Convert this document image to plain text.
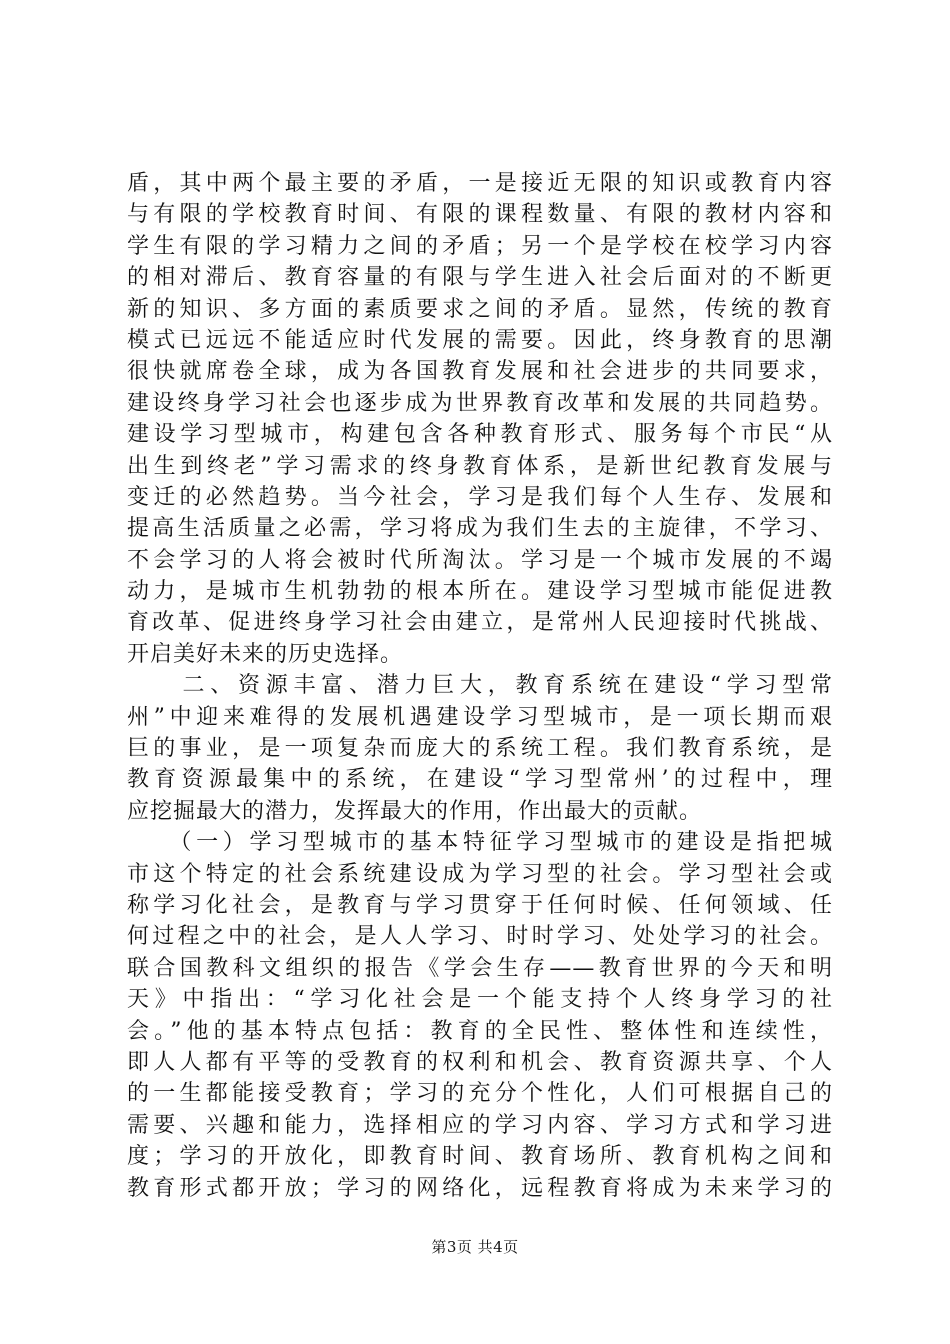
盾，其中两个最主要的矛盾，一是接近无限的知识或教育内容
与有限的学校教育时间、有限的课程数量、有限的教材内容和
学生有限的学习精力之间的矛盾；另一个是学校在校学习内容
的相对滞后、教育容量的有限与学生进入社会后面对的不断更
新的知识、多方面的素质要求之间的矛盾。显然，传统的教育
模式已远远不能适应时代发展的需要。因此，终身教育的思潮
很快就席卷全球，成为各国教育发展和社会进步的共同要求，
建设终身学习社会也逐步成为世界教育改革和发展的共同趋势。
建设学习型城市，构建包含各种教育形式、服务每个市民“从
出生到终老”学习需求的终身教育体系，是新世纪教育发展与
变迁的必然趋势。当今社会，学习是我们每个人生存、发展和
提高生活质量之必需，学习将成为我们生去的主旋律，不学习、
不会学习的人将会被时代所淘汰。学习是一个城市发展的不竭
动力，是城市生机勃勃的根本所在。建设学习型城市能促进教
育改革、促进终身学习社会由建立，是常州人民迎接时代挑战、
开启美好未来的历史选择。
　　二、资源丰富、潜力巨大，教育系统在建设“学习型常
州”中迎来难得的发展机遇建设学习型城市，是一项长期而艰
巨的事业，是一项复杂而庞大的系统工程。我们教育系统，是
教育资源最集中的系统，在建设“学习型常州’的过程中，理
应挖掘最大的潜力，发挥最大的作用，作出最大的贡献。
　　（一）学习型城市的基本特征学习型城市的建设是指把城
市这个特定的社会系统建设成为学习型的社会。学习型社会或
称学习化社会，是教育与学习贯穿于任何时候、任何领域、任
何过程之中的社会，是人人学习、时时学习、处处学习的社会。
联合国教科文组织的报告《学会生存——教育世界的今天和明
天》中指出：“学习化社会是一个能支持个人终身学习的社
会。”他的基本特点包括：教育的全民性、整体性和连续性，
即人人都有平等的受教育的权利和机会、教育资源共享、个人
的一生都能接受教育；学习的充分个性化，人们可根据自己的
需要、兴趣和能力，选择相应的学习内容、学习方式和学习进
度；学习的开放化，即教育时间、教育场所、教育机构之间和
教育形式都开放；学习的网络化，远程教育将成为未来学习的
第3页 共4页
